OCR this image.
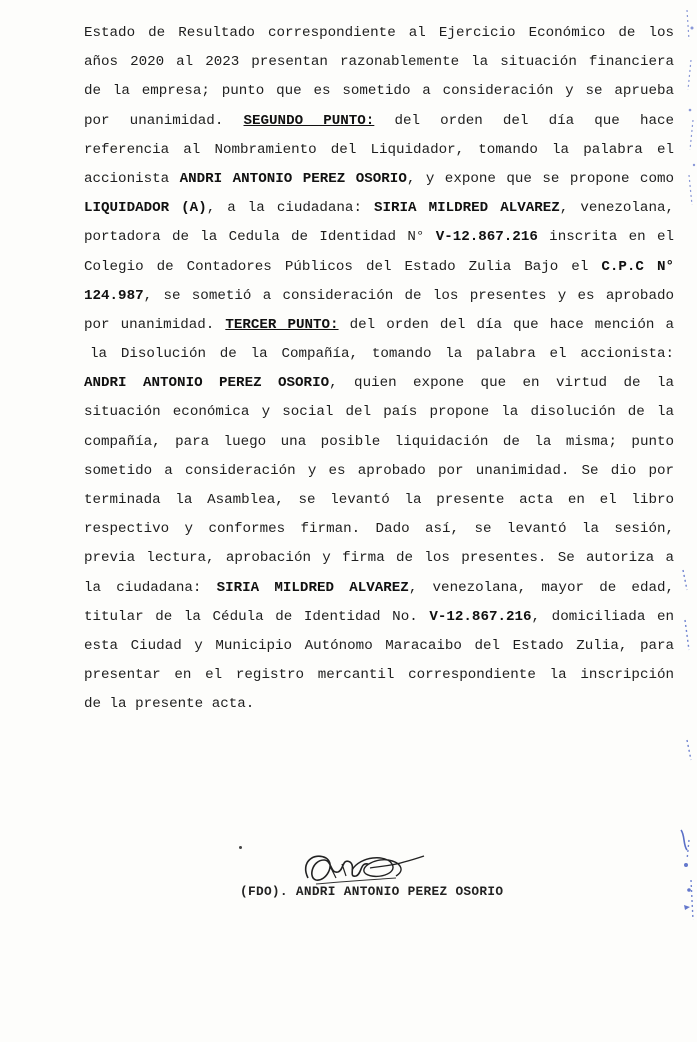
Estado de Resultado correspondiente al Ejercicio Económico de los
años 2020 al 2023 presentan razonablemente la situación financiera
de la empresa; punto que es sometido a consideración y se aprueba
por unanimidad. SEGUNDO PUNTO: del orden del día que hace
referencia al Nombramiento del Liquidador, tomando la palabra el
accionista ANDRI ANTONIO PEREZ OSORIO, y expone que se propone como
LIQUIDADOR (A), a la ciudadana: SIRIA MILDRED ALVAREZ, venezolana,
portadora de la Cedula de Identidad N° V-12.867.216 inscrita en el
Colegio de Contadores Públicos del Estado Zulia Bajo el C.P.C N°
124.987, se sometió a consideración de los presentes y es aprobado
por unanimidad. TERCER PUNTO: del orden del día que hace mención a
la Disolución de la Compañía, tomando la palabra el accionista:
ANDRI ANTONIO PEREZ OSORIO, quien expone que en virtud de la
situación económica y social del país propone la disolución de la
compañía, para luego una posible liquidación de la misma; punto
sometido a consideración y es aprobado por unanimidad. Se dio por
terminada la Asamblea, se levantó la presente acta en el libro
respectivo y conformes firman. Dado así, se levantó la sesión,
previa lectura, aprobación y firma de los presentes. Se autoriza a
la ciudadana: SIRIA MILDRED ALVAREZ, venezolana, mayor de edad,
titular de la Cédula de Identidad No. V-12.867.216, domiciliada en
esta Ciudad y Municipio Autónomo Maracaibo del Estado Zulia, para
presentar en el registro mercantil correspondiente la inscripción
de la presente acta.
(FDO). ANDRI ANTONIO PEREZ OSORIO
